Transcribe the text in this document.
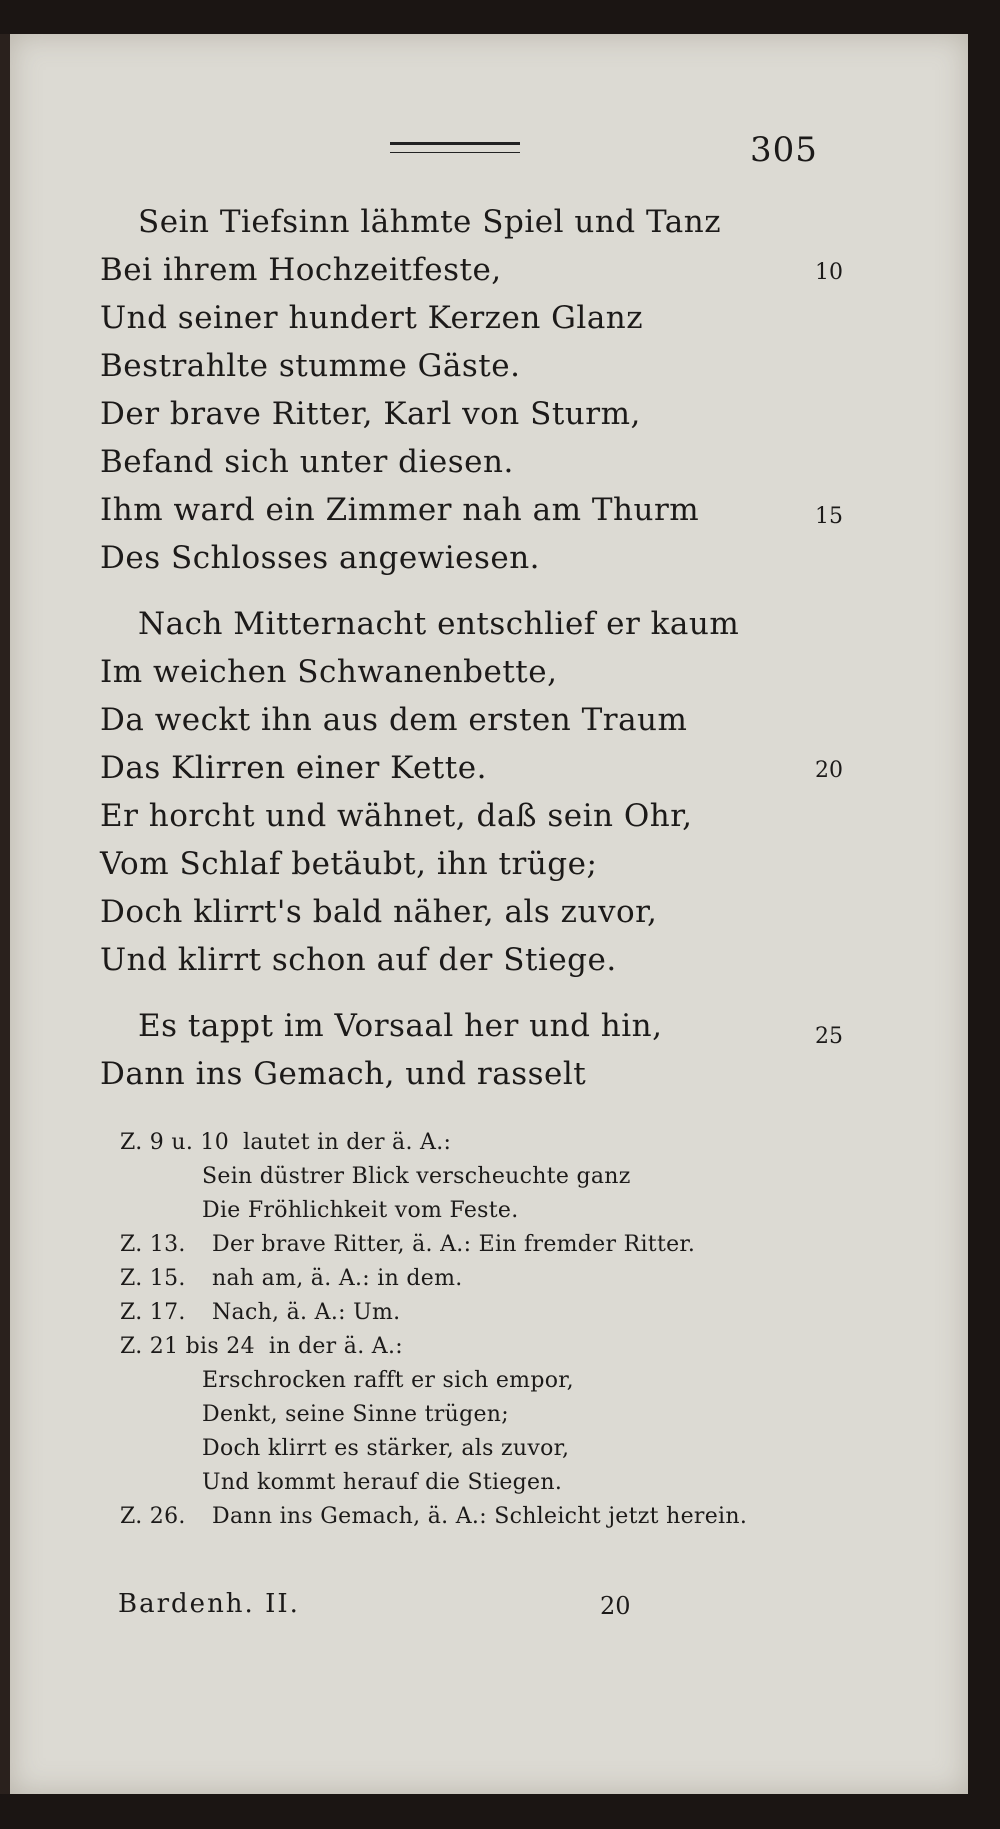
305
Sein Tiefsinn lähmte Spiel und Tanz
Bei ihrem Hochzeitfeste,
Und seiner hundert Kerzen Glanz
Bestrahlte stumme Gäste.
Der brave Ritter, Karl von Sturm,
Befand sich unter diesen.
Ihm ward ein Zimmer nah am Thurm
Des Schlosses angewiesen.
10
15
Nach Mitternacht entschlief er kaum
Im weichen Schwanenbette,
Da weckt ihn aus dem ersten Traum
Das Klirren einer Kette.
Er horcht und wähnet, daß sein Ohr,
Vom Schlaf betäubt, ihn trüge;
Doch klirrt's bald näher, als zuvor,
Und klirrt schon auf der Stiege.
20
Es tappt im Vorsaal her und hin,
Dann ins Gemach, und rasselt
25
Z. 9 u. 10 lautet in der ä. A.:
Sein düstrer Blick verscheuchte ganz
Die Fröhlichkeit vom Feste.
Z. 13. Der brave Ritter, ä. A.: Ein fremder Ritter.
Z. 15. nah am, ä. A.: in dem.
Z. 17. Nach, ä. A.: Um.
Z. 21 bis 24 in der ä. A.:
Erschrocken rafft er sich empor,
Denkt, seine Sinne trügen;
Doch klirrt es stärker, als zuvor,
Und kommt herauf die Stiegen.
Z. 26. Dann ins Gemach, ä. A.: Schleicht jetzt herein.
Bardenh. II.	20
